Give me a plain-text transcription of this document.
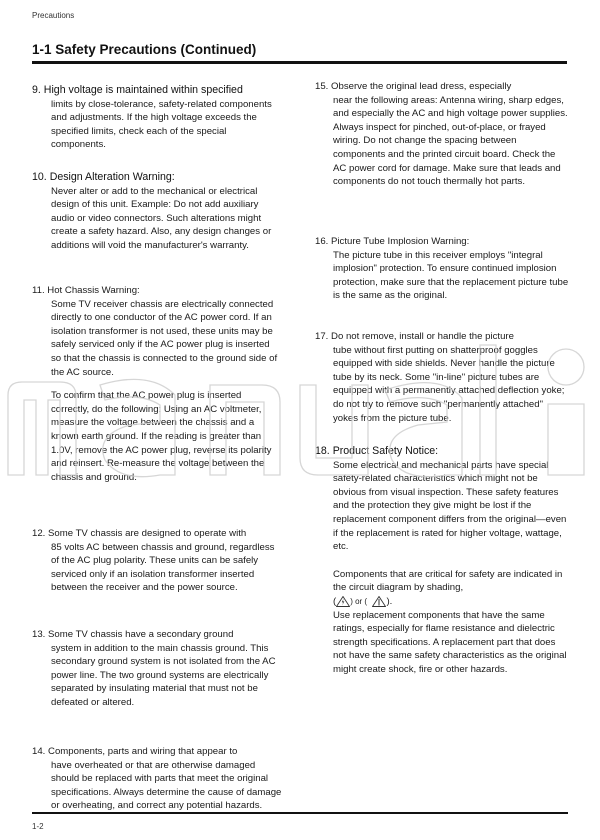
Precautions
1-1 Safety Precautions (Continued)
9. High voltage is maintained within specified
limits by close-tolerance, safety-related components and adjustments. If the high voltage exceeds the specified limits, check each of the special components.
10. Design Alteration Warning:
Never alter or add to the mechanical or electrical design of this unit. Example: Do not add auxiliary audio or video connectors. Such alterations might create a safety hazard. Also, any design changes or additions will void the manufacturer's warranty.
11. Hot Chassis Warning:
Some TV receiver chassis are electrically connected directly to one conductor of the AC power cord. If an isolation transformer is not used, these units may be safely serviced only if the AC power plug is inserted so that the chassis is connected to the ground side of the AC source.
To confirm that the AC power plug is inserted correctly, do the following: Using an AC voltmeter, measure the voltage between the chassis and a known earth ground. If the reading is greater than 1.0V, remove the AC power plug, reverse its polarity and reinsert. Re-measure the voltage between the chassis and ground.
12. Some TV chassis are designed to operate with
85 volts AC between chassis and ground, regardless of the AC plug polarity. These units can be safely serviced only if an isolation transformer inserted between the receiver and the power source.
13. Some TV chassis have a secondary ground
system in addition to the main chassis ground. This secondary ground system is not isolated from the AC power line. The two ground systems are electrically separated by insulating material that must not be defeated or altered.
14. Components, parts and wiring that appear to
have overheated or that are otherwise damaged should be replaced with parts that meet the original specifications. Always determine the cause of damage or overheating, and correct any potential hazards.
15. Observe the original lead dress, especially
near the following areas: Antenna wiring, sharp edges, and especially the AC and high voltage power supplies. Always inspect for pinched, out-of-place, or frayed wiring. Do not change the spacing between components and the printed circuit board. Check the AC power cord for damage. Make sure that leads and components do not touch thermally hot parts.
16. Picture Tube Implosion Warning:
The picture tube in this receiver employs "integral implosion" protection. To ensure continued implosion protection, make sure that the replacement picture tube is the same as the original.
17. Do not remove, install or handle the picture
tube without first putting on shatterproof goggles equipped with side shields. Never handle the picture tube by its neck. Some "in-line" picture tubes are equipped with a permanently attached deflection yoke; do not try to remove such "permanently attached" yokes from the picture tube.
18. Product Safety Notice:
Some electrical and mechanical parts have special safety-related characteristics which might not be obvious from visual inspection. These safety features and the protection they give might be lost if the replacement component differs from the original—even if the replacement is rated for higher voltage, wattage, etc.
Components that are critical for safety are indicated in the circuit diagram by shading,
( ) or ( ).
Use replacement components that have the same ratings, especially for flame resistance and dielectric strength specifications. A replacement part that does not have the same safety characteristics as the original might create shock, fire or other hazards.
1-2
